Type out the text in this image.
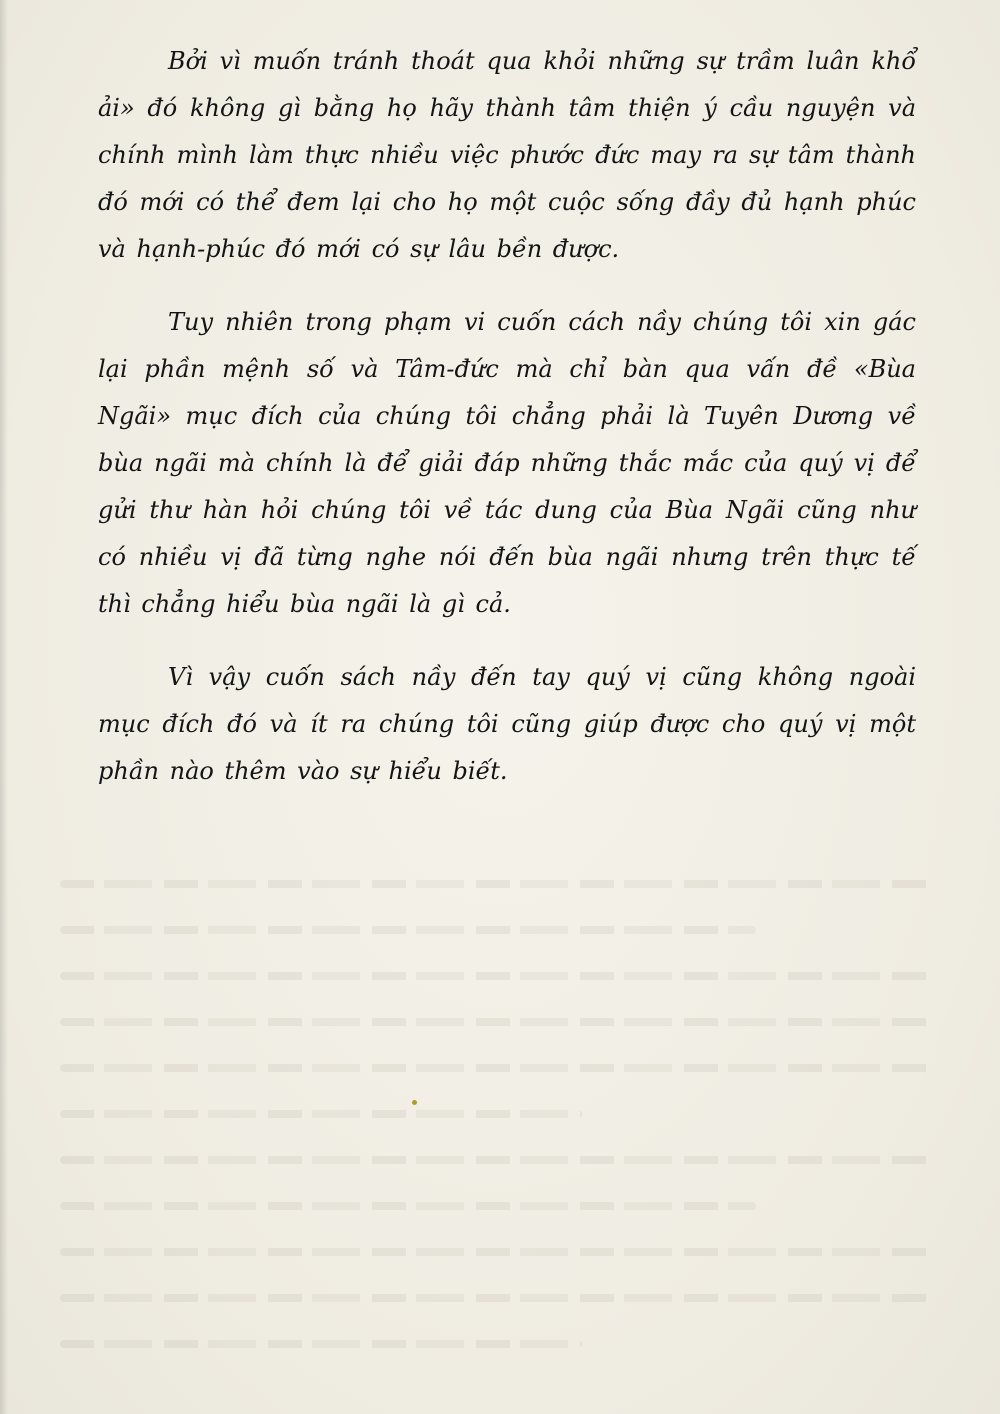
Bởi vì muốn tránh thoát qua khỏi những sự trầm luân khổ ải» đó không gì bằng họ hãy thành tâm thiện ý cầu nguyện và chính mình làm thực nhiều việc phước đức may ra sự tâm thành đó mới có thể đem lại cho họ một cuộc sống đầy đủ hạnh phúc và hạnh-phúc đó mới có sự lâu bền được.

Tuy nhiên trong phạm vi cuốn cách nầy chúng tôi xin gác lại phần mệnh số và Tâm-đức mà chỉ bàn qua vấn đề «Bùa Ngãi» mục đích của chúng tôi chẳng phải là Tuyên Dương về bùa ngãi mà chính là để giải đáp những thắc mắc của quý vị để gửi thư hàn hỏi chúng tôi về tác dung của Bùa Ngãi cũng như có nhiều vị đã từng nghe nói đến bùa ngãi nhưng trên thực tế thì chẳng hiểu bùa ngãi là gì cả.

Vì vậy cuốn sách nầy đến tay quý vị cũng không ngoài mục đích đó và ít ra chúng tôi cũng giúp được cho quý vị một phần nào thêm vào sự hiểu biết.
